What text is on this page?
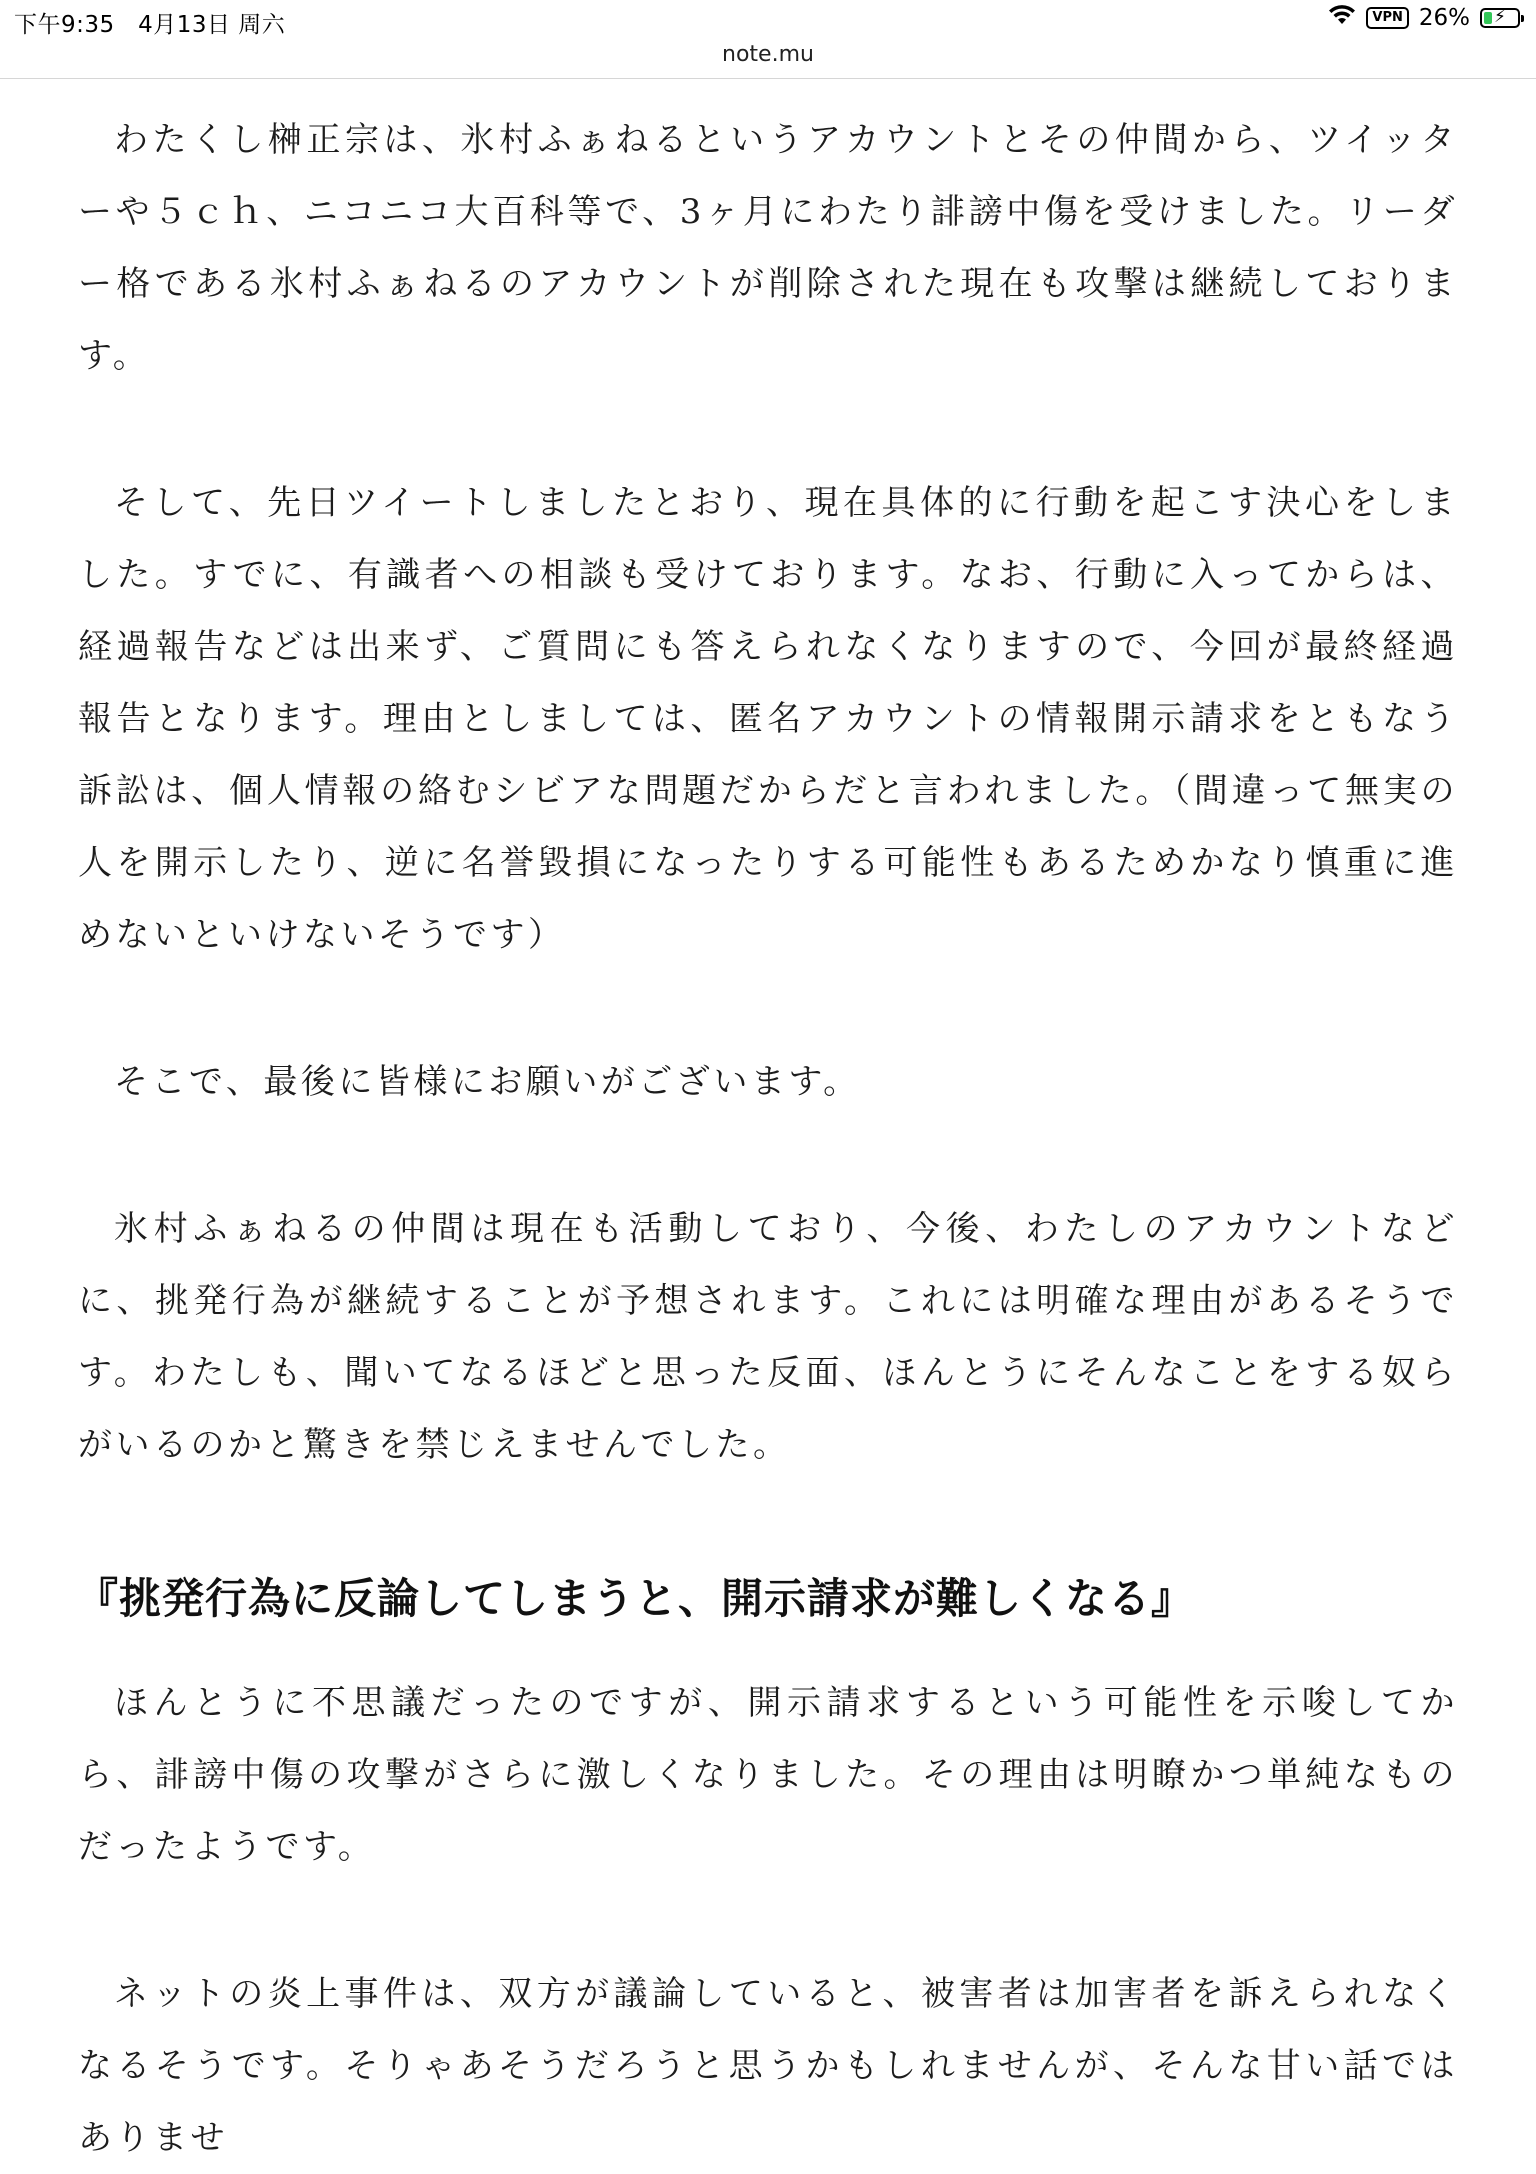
下午9:35 4月13日 周六	VPN 26% ⚡
note.mu

わたくし榊正宗は、氷村ふぁねるというアカウントとその仲間から、ツイッターや５ｃｈ、ニコニコ大百科等で、3ヶ月にわたり誹謗中傷を受けました。リーダー格である氷村ふぁねるのアカウントが削除された現在も攻撃は継続しております。

そして、先日ツイートしましたとおり、現在具体的に行動を起こす決心をしました。すでに、有識者への相談も受けております。なお、行動に入ってからは、経過報告などは出来ず、ご質問にも答えられなくなりますので、今回が最終経過報告となります。理由としましては、匿名アカウントの情報開示請求をともなう訴訟は、個人情報の絡むシビアな問題だからだと言われました。（間違って無実の人を開示したり、逆に名誉毀損になったりする可能性もあるためかなり慎重に進めないといけないそうです）

そこで、最後に皆様にお願いがございます。

氷村ふぁねるの仲間は現在も活動しており、今後、わたしのアカウントなどに、挑発行為が継続することが予想されます。これには明確な理由があるそうです。わたしも、聞いてなるほどと思った反面、ほんとうにそんなことをする奴らがいるのかと驚きを禁じえませんでした。

『挑発行為に反論してしまうと、開示請求が難しくなる』

ほんとうに不思議だったのですが、開示請求するという可能性を示唆してから、誹謗中傷の攻撃がさらに激しくなりました。その理由は明瞭かつ単純なものだったようです。

ネットの炎上事件は、双方が議論していると、被害者は加害者を訴えられなくなるそうです。そりゃあそうだろうと思うかもしれませんが、そんな甘い話ではありませ
